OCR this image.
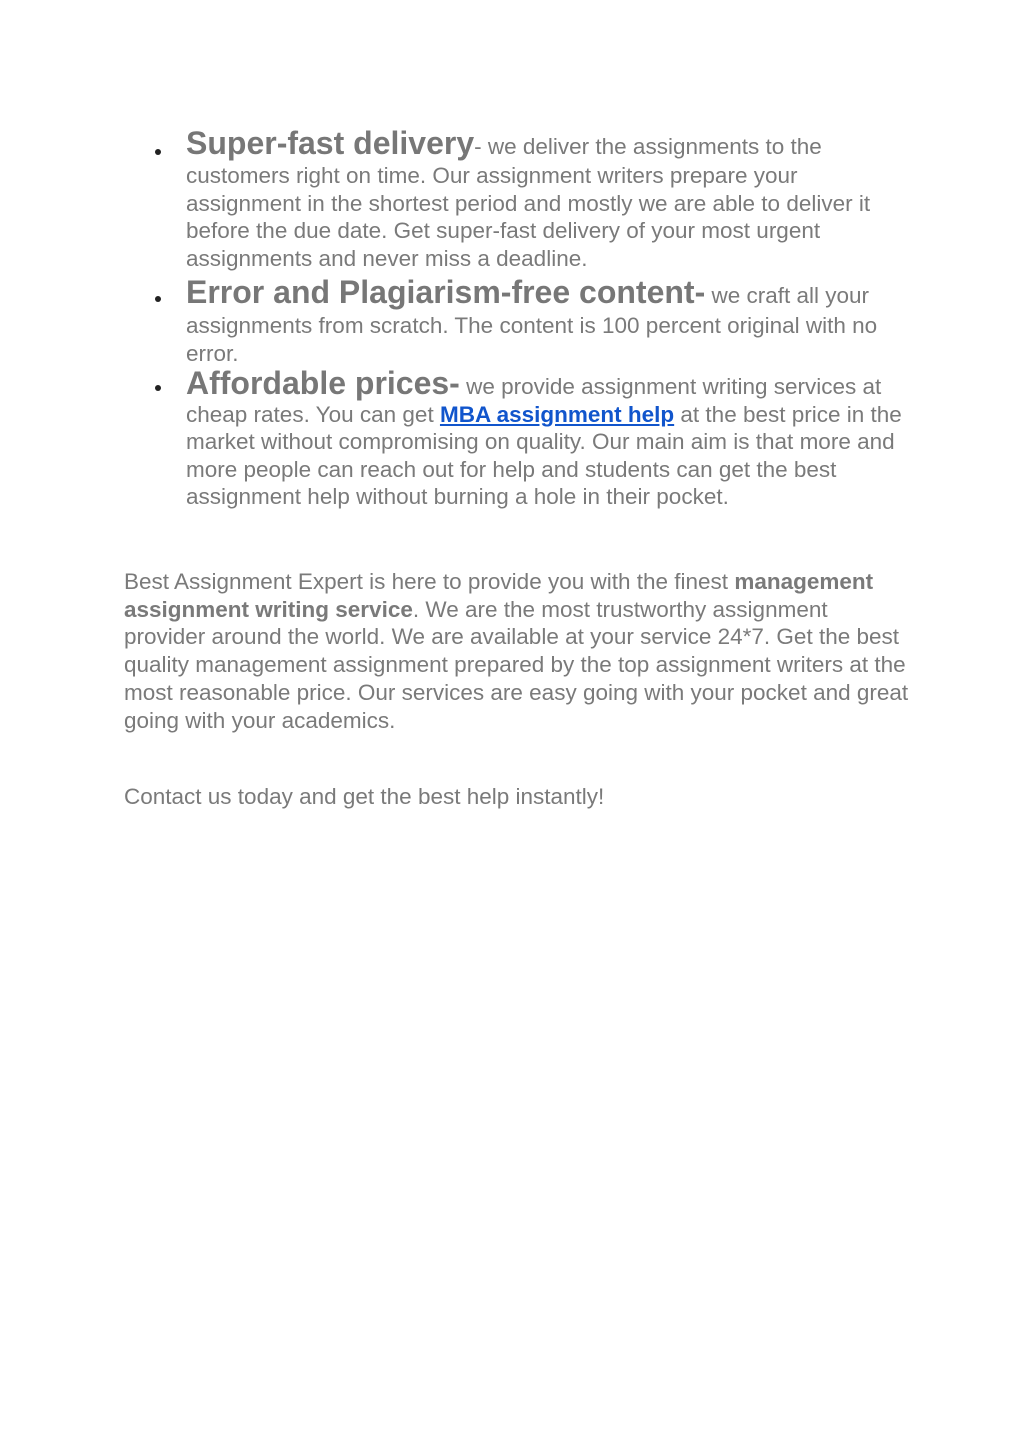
Super-fast delivery- we deliver the assignments to the customers right on time. Our assignment writers prepare your assignment in the shortest period and mostly we are able to deliver it before the due date. Get super-fast delivery of your most urgent assignments and never miss a deadline.
Error and Plagiarism-free content- we craft all your assignments from scratch. The content is 100 percent original with no error.
Affordable prices- we provide assignment writing services at cheap rates. You can get MBA assignment help at the best price in the market without compromising on quality. Our main aim is that more and more people can reach out for help and students can get the best assignment help without burning a hole in their pocket.

Best Assignment Expert is here to provide you with the finest management assignment writing service. We are the most trustworthy assignment provider around the world. We are available at your service 24*7. Get the best quality management assignment prepared by the top assignment writers at the most reasonable price. Our services are easy going with your pocket and great going with your academics.

Contact us today and get the best help instantly!
